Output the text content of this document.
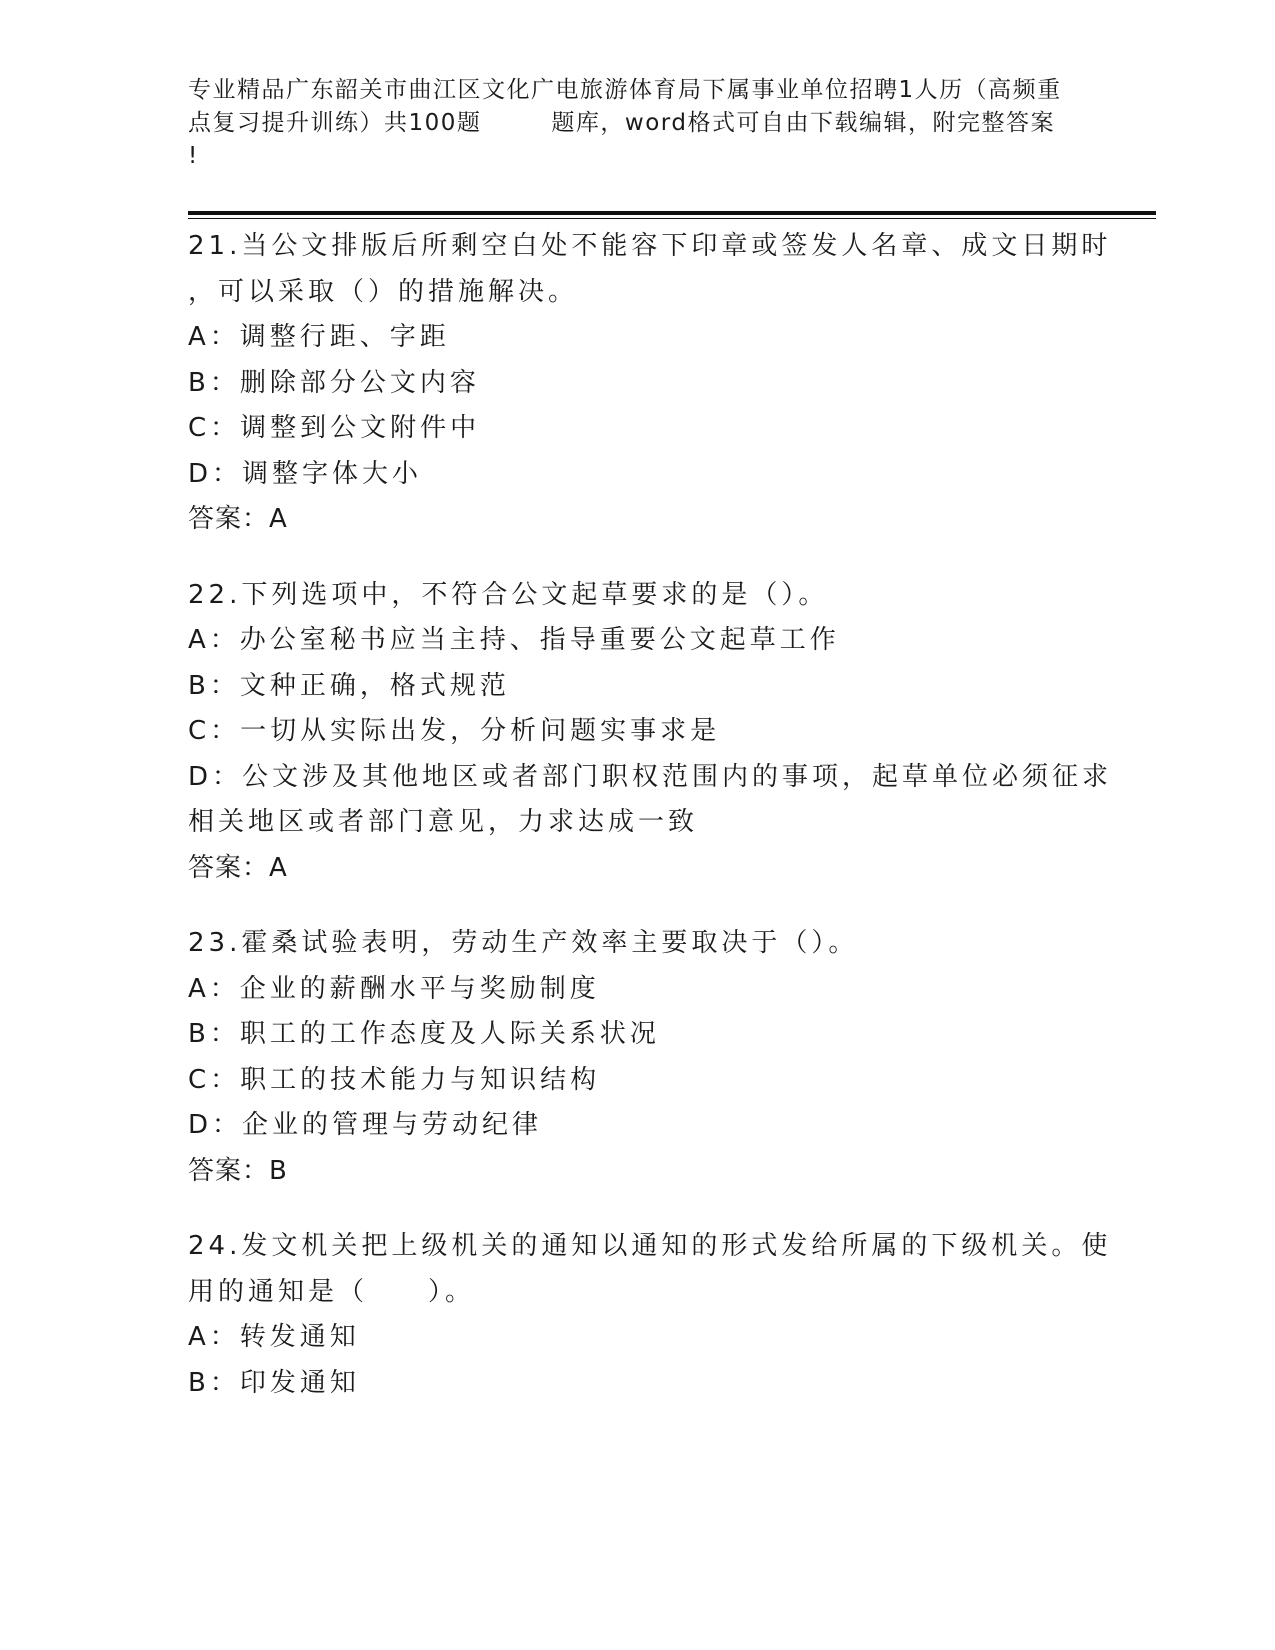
专业精品广东韶关市曲江区文化广电旅游体育局下属事业单位招聘1人历（高频重
点复习提升训练）共100题	题库，word格式可自由下载编辑，附完整答案
!
21.当公文排版后所剩空白处不能容下印章或签发人名章、成文日期时
，可以采取（）的措施解决。
A：调整行距、字距
B：删除部分公文内容
C：调整到公文附件中
D：调整字体大小
答案：A
22.下列选项中，不符合公文起草要求的是（）。
A：办公室秘书应当主持、指导重要公文起草工作
B：文种正确，格式规范
C：一切从实际出发，分析问题实事求是
D：公文涉及其他地区或者部门职权范围内的事项，起草单位必须征求
相关地区或者部门意见，力求达成一致
答案：A
23.霍桑试验表明，劳动生产效率主要取决于（）。
A：企业的薪酬水平与奖励制度
B：职工的工作态度及人际关系状况
C：职工的技术能力与知识结构
D：企业的管理与劳动纪律
答案：B
24.发文机关把上级机关的通知以通知的形式发给所属的下级机关。使
用的通知是（　　）。
A：转发通知
B：印发通知
